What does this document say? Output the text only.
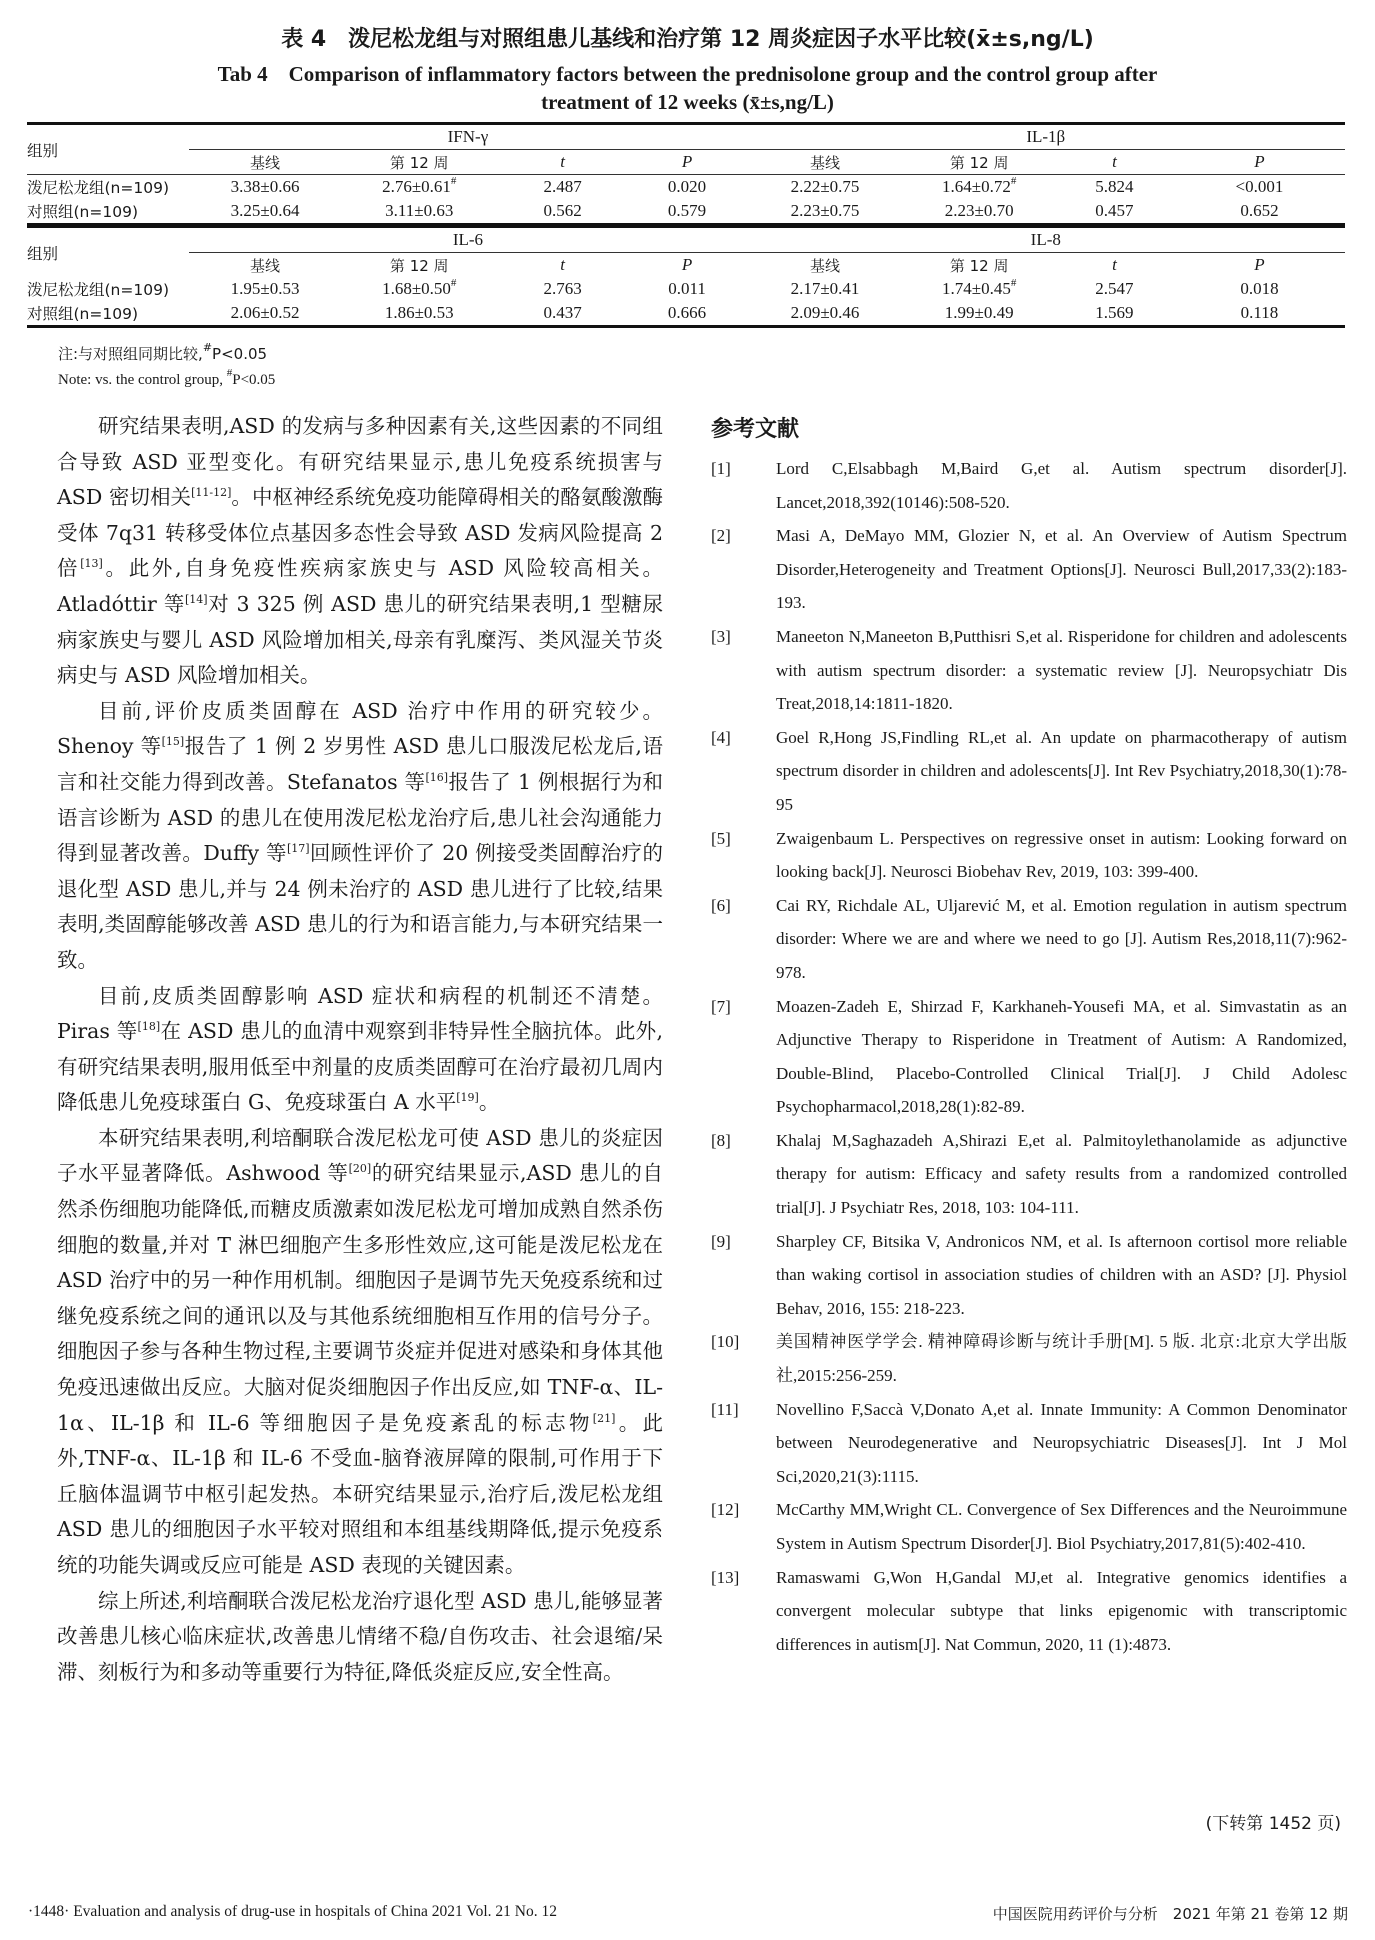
表 4　泼尼松龙组与对照组患儿基线和治疗第 12 周炎症因子水平比较(x̄±s,ng/L)
Tab 4　Comparison of inflammatory factors between the prednisolone group and the control group after
treatment of 12 weeks (x̄±s,ng/L)
组别	IFN-γ				IL-1β			
	基线	第 12 周	t	P	基线	第 12 周	t	P
泼尼松龙组(n=109)	3.38±0.66	2.76±0.61#	2.487	0.020	2.22±0.75	1.64±0.72#	5.824	<0.001
对照组(n=109)	3.25±0.64	3.11±0.63	0.562	0.579	2.23±0.75	2.23±0.70	0.457	0.652
组别	IL-6				IL-8			
	基线	第 12 周	t	P	基线	第 12 周	t	P
泼尼松龙组(n=109)	1.95±0.53	1.68±0.50#	2.763	0.011	2.17±0.41	1.74±0.45#	2.547	0.018
对照组(n=109)	2.06±0.52	1.86±0.53	0.437	0.666	2.09±0.46	1.99±0.49	1.569	0.118
注:与对照组同期比较,#P<0.05
Note: vs. the control group, #P<0.05

研究结果表明,ASD 的发病与多种因素有关,这些因素的不同组合导致 ASD 亚型变化。有研究结果显示,患儿免疫系统损害与 ASD 密切相关[11-12]。中枢神经系统免疫功能障碍相关的酪氨酸激酶受体 7q31 转移受体位点基因多态性会导致 ASD 发病风险提高 2 倍[13]。此外,自身免疫性疾病家族史与 ASD 风险较高相关。Atladóttir 等[14]对 3 325 例 ASD 患儿的研究结果表明,1 型糖尿病家族史与婴儿 ASD 风险增加相关,母亲有乳糜泻、类风湿关节炎病史与 ASD 风险增加相关。

目前,评价皮质类固醇在 ASD 治疗中作用的研究较少。Shenoy 等[15]报告了 1 例 2 岁男性 ASD 患儿口服泼尼松龙后,语言和社交能力得到改善。Stefanatos 等[16]报告了 1 例根据行为和语言诊断为 ASD 的患儿在使用泼尼松龙治疗后,患儿社会沟通能力得到显著改善。Duffy 等[17]回顾性评价了 20 例接受类固醇治疗的退化型 ASD 患儿,并与 24 例未治疗的 ASD 患儿进行了比较,结果表明,类固醇能够改善 ASD 患儿的行为和语言能力,与本研究结果一致。

目前,皮质类固醇影响 ASD 症状和病程的机制还不清楚。Piras 等[18]在 ASD 患儿的血清中观察到非特异性全脑抗体。此外,有研究结果表明,服用低至中剂量的皮质类固醇可在治疗最初几周内降低患儿免疫球蛋白 G、免疫球蛋白 A 水平[19]。

本研究结果表明,利培酮联合泼尼松龙可使 ASD 患儿的炎症因子水平显著降低。Ashwood 等[20]的研究结果显示,ASD 患儿的自然杀伤细胞功能降低,而糖皮质激素如泼尼松龙可增加成熟自然杀伤细胞的数量,并对 T 淋巴细胞产生多形性效应,这可能是泼尼松龙在 ASD 治疗中的另一种作用机制。细胞因子是调节先天免疫系统和过继免疫系统之间的通讯以及与其他系统细胞相互作用的信号分子。细胞因子参与各种生物过程,主要调节炎症并促进对感染和身体其他免疫迅速做出反应。大脑对促炎细胞因子作出反应,如 TNF-α、IL-1α、IL-1β 和 IL-6 等细胞因子是免疫紊乱的标志物[21]。此外,TNF-α、IL-1β 和 IL-6 不受血-脑脊液屏障的限制,可作用于下丘脑体温调节中枢引起发热。本研究结果显示,治疗后,泼尼松龙组 ASD 患儿的细胞因子水平较对照组和本组基线期降低,提示免疫系统的功能失调或反应可能是 ASD 表现的关键因素。

综上所述,利培酮联合泼尼松龙治疗退化型 ASD 患儿,能够显著改善患儿核心临床症状,改善患儿情绪不稳/自伤攻击、社会退缩/呆滞、刻板行为和多动等重要行为特征,降低炎症反应,安全性高。

参考文献
[1]	Lord C,Elsabbagh M,Baird G,et al. Autism spectrum disorder[J]. Lancet,2018,392(10146):508-520.
[2]	Masi A, DeMayo MM, Glozier N, et al. An Overview of Autism Spectrum Disorder,Heterogeneity and Treatment Options[J]. Neurosci Bull,2017,33(2):183-193.
[3]	Maneeton N,Maneeton B,Putthisri S,et al. Risperidone for children and adolescents with autism spectrum disorder: a systematic review [J]. Neuropsychiatr Dis Treat,2018,14:1811-1820.
[4]	Goel R,Hong JS,Findling RL,et al. An update on pharmacotherapy of autism spectrum disorder in children and adolescents[J]. Int Rev Psychiatry,2018,30(1):78-95
[5]	Zwaigenbaum L. Perspectives on regressive onset in autism: Looking forward on looking back[J]. Neurosci Biobehav Rev, 2019, 103: 399-400.
[6]	Cai RY, Richdale AL, Uljarević M, et al. Emotion regulation in autism spectrum disorder: Where we are and where we need to go [J]. Autism Res,2018,11(7):962-978.
[7]	Moazen-Zadeh E, Shirzad F, Karkhaneh-Yousefi MA, et al. Simvastatin as an Adjunctive Therapy to Risperidone in Treatment of Autism: A Randomized, Double-Blind, Placebo-Controlled Clinical Trial[J]. J Child Adolesc Psychopharmacol,2018,28(1):82-89.
[8]	Khalaj M,Saghazadeh A,Shirazi E,et al. Palmitoylethanolamide as adjunctive therapy for autism: Efficacy and safety results from a randomized controlled trial[J]. J Psychiatr Res, 2018, 103: 104-111.
[9]	Sharpley CF, Bitsika V, Andronicos NM, et al. Is afternoon cortisol more reliable than waking cortisol in association studies of children with an ASD? [J]. Physiol Behav, 2016, 155: 218-223.
[10]	美国精神医学学会. 精神障碍诊断与统计手册[M]. 5 版. 北京:北京大学出版社,2015:256-259.
[11]	Novellino F,Saccà V,Donato A,et al. Innate Immunity: A Common Denominator between Neurodegenerative and Neuropsychiatric Diseases[J]. Int J Mol Sci,2020,21(3):1115.
[12]	McCarthy MM,Wright CL. Convergence of Sex Differences and the Neuroimmune System in Autism Spectrum Disorder[J]. Biol Psychiatry,2017,81(5):402-410.
[13]	Ramaswami G,Won H,Gandal MJ,et al. Integrative genomics identifies a convergent molecular subtype that links epigenomic with transcriptomic differences in autism[J]. Nat Commun, 2020, 11 (1):4873.
(下转第 1452 页)
·1448· Evaluation and analysis of drug-use in hospitals of China 2021 Vol. 21 No. 12	中国医院用药评价与分析　2021 年第 21 卷第 12 期
